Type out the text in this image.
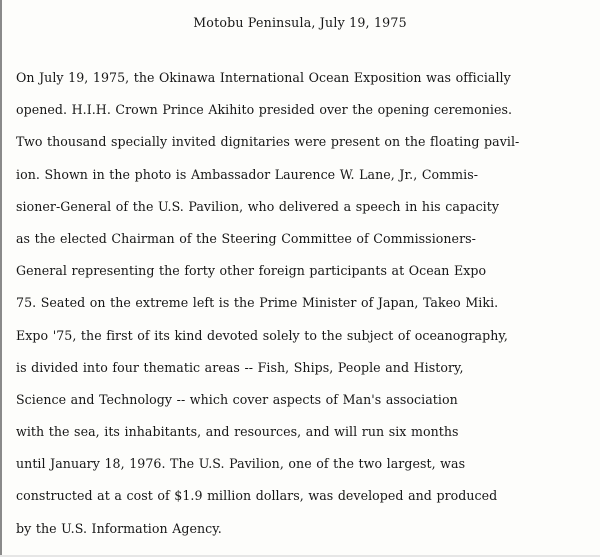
Motobu Peninsula, July 19, 1975
On July 19, 1975, the Okinawa International Ocean Exposition was officially
opened. H.I.H. Crown Prince Akihito presided over the opening ceremonies.
Two thousand specially invited dignitaries were present on the floating pavil-
ion. Shown in the photo is Ambassador Laurence W. Lane, Jr., Commis-
sioner-General of the U.S. Pavilion, who delivered a speech in his capacity
as the elected Chairman of the Steering Committee of Commissioners-
General representing the forty other foreign participants at Ocean Expo
75. Seated on the extreme left is the Prime Minister of Japan, Takeo Miki.
Expo '75, the first of its kind devoted solely to the subject of oceanography,
is divided into four thematic areas -- Fish, Ships, People and History,
Science and Technology -- which cover aspects of Man's association
with the sea, its inhabitants, and resources, and will run six months
until January 18, 1976. The U.S. Pavilion, one of the two largest, was
constructed at a cost of $1.9 million dollars, was developed and produced
by the U.S. Information Agency.
